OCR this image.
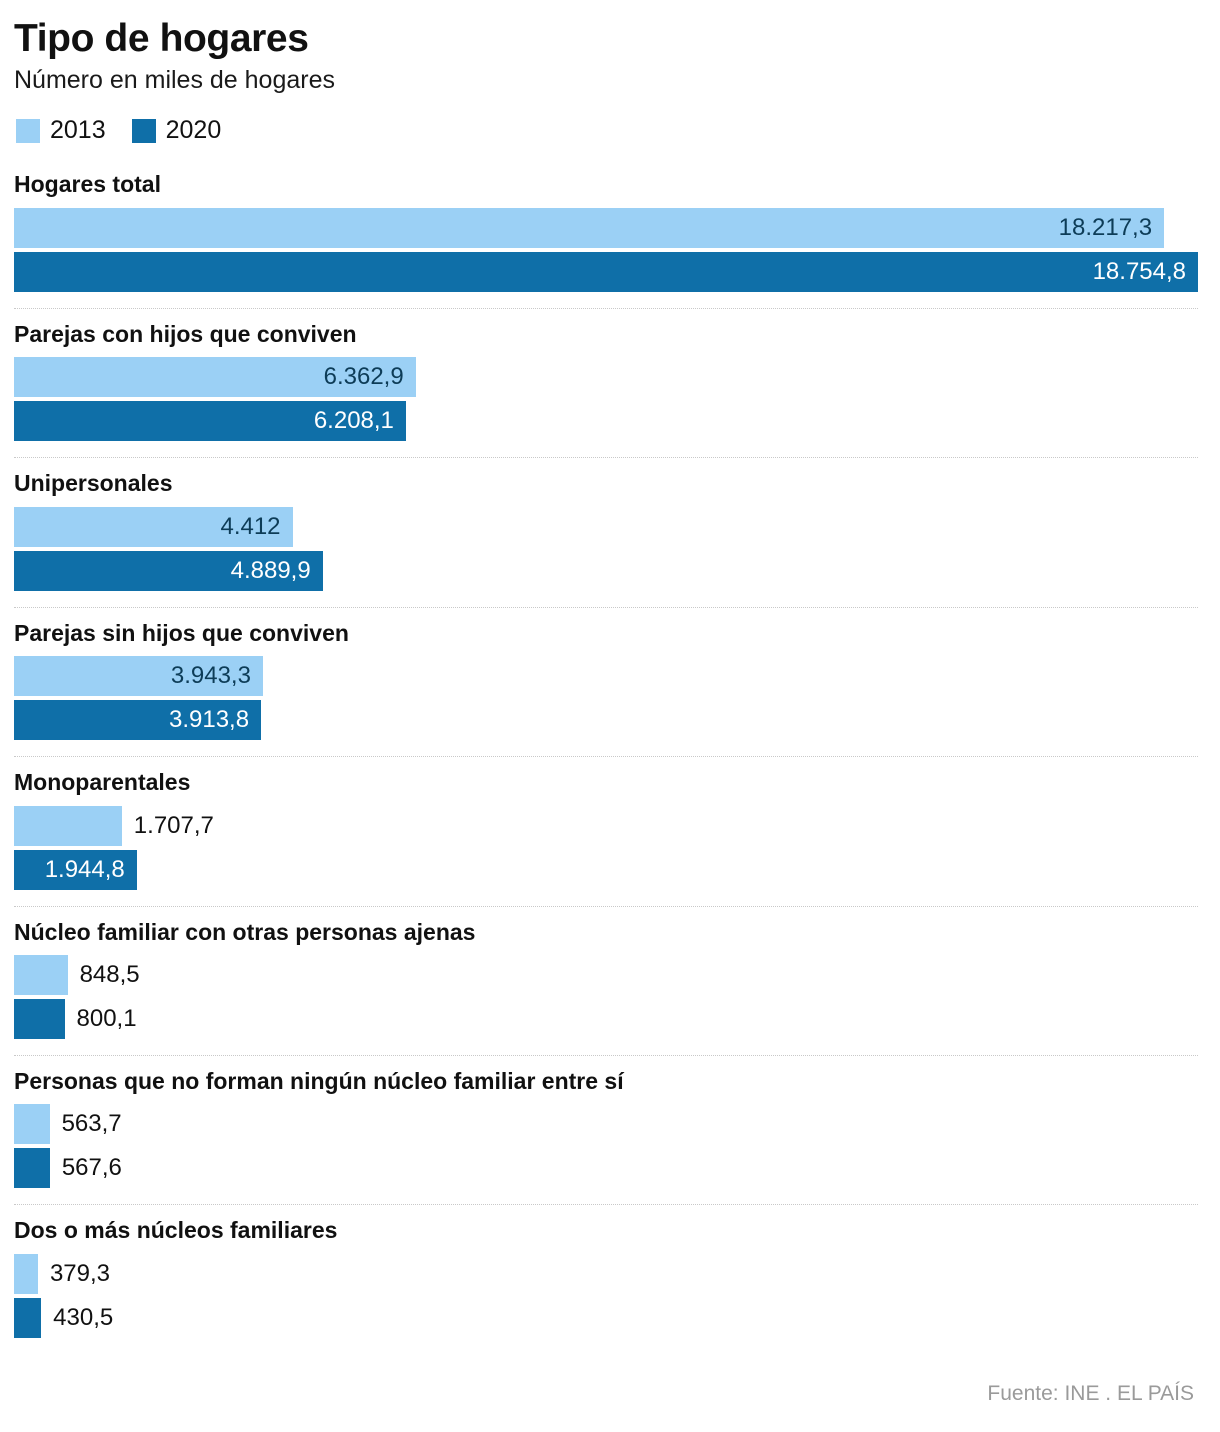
Tipo de hogares
Número en miles de hogares
2013 2020
Hogares total
18.217,3
18.754,8
Parejas con hijos que conviven
6.362,9
6.208,1
Unipersonales
4.412
4.889,9
Parejas sin hijos que conviven
3.943,3
3.913,8
Monoparentales
1.707,7
1.944,8
Núcleo familiar con otras personas ajenas
848,5
800,1
Personas que no forman ningún núcleo familiar entre sí
563,7
567,6
Dos o más núcleos familiares
379,3
430,5
Fuente: INE . EL PAÍS
